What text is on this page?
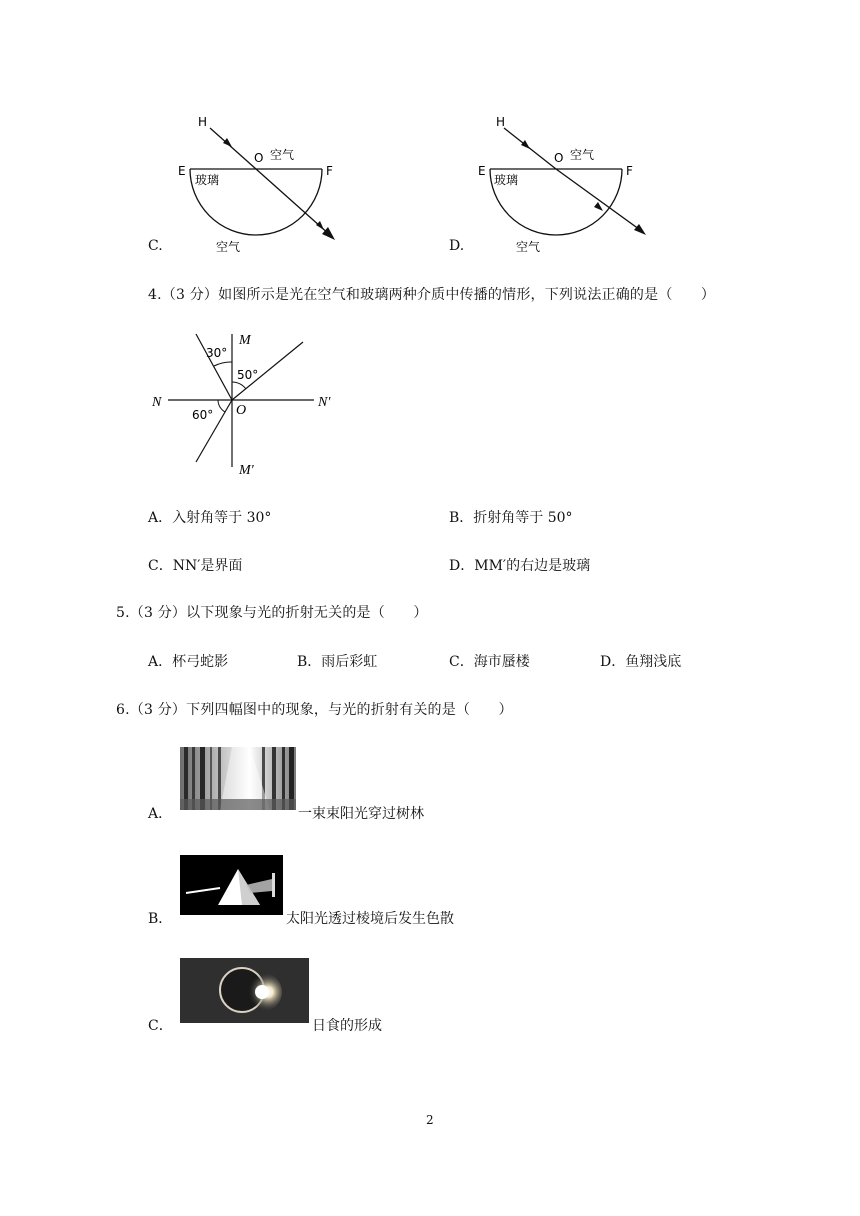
C.
H
O 空气
E	F
玻璃
空气	D.
H
O 空气
E	F
玻璃
空气
4.（3 分）如图所示是光在空气和玻璃两种介质中传播的情形，下列说法正确的是（　　）
M
30°
50°
N	N′
O
60°
M′
A．入射角等于 30°	B．折射角等于 50°
C．NN′是界面	D．MM′的右边是玻璃
5.（3 分）以下现象与光的折射无关的是（　　）
A．杯弓蛇影	B．雨后彩虹	C．海市蜃楼	D．鱼翔浅底
6.（3 分）下列四幅图中的现象，与光的折射有关的是（　　）
A．	一束束阳光穿过树林
B．	太阳光透过棱境后发生色散
C．	日食的形成
2
